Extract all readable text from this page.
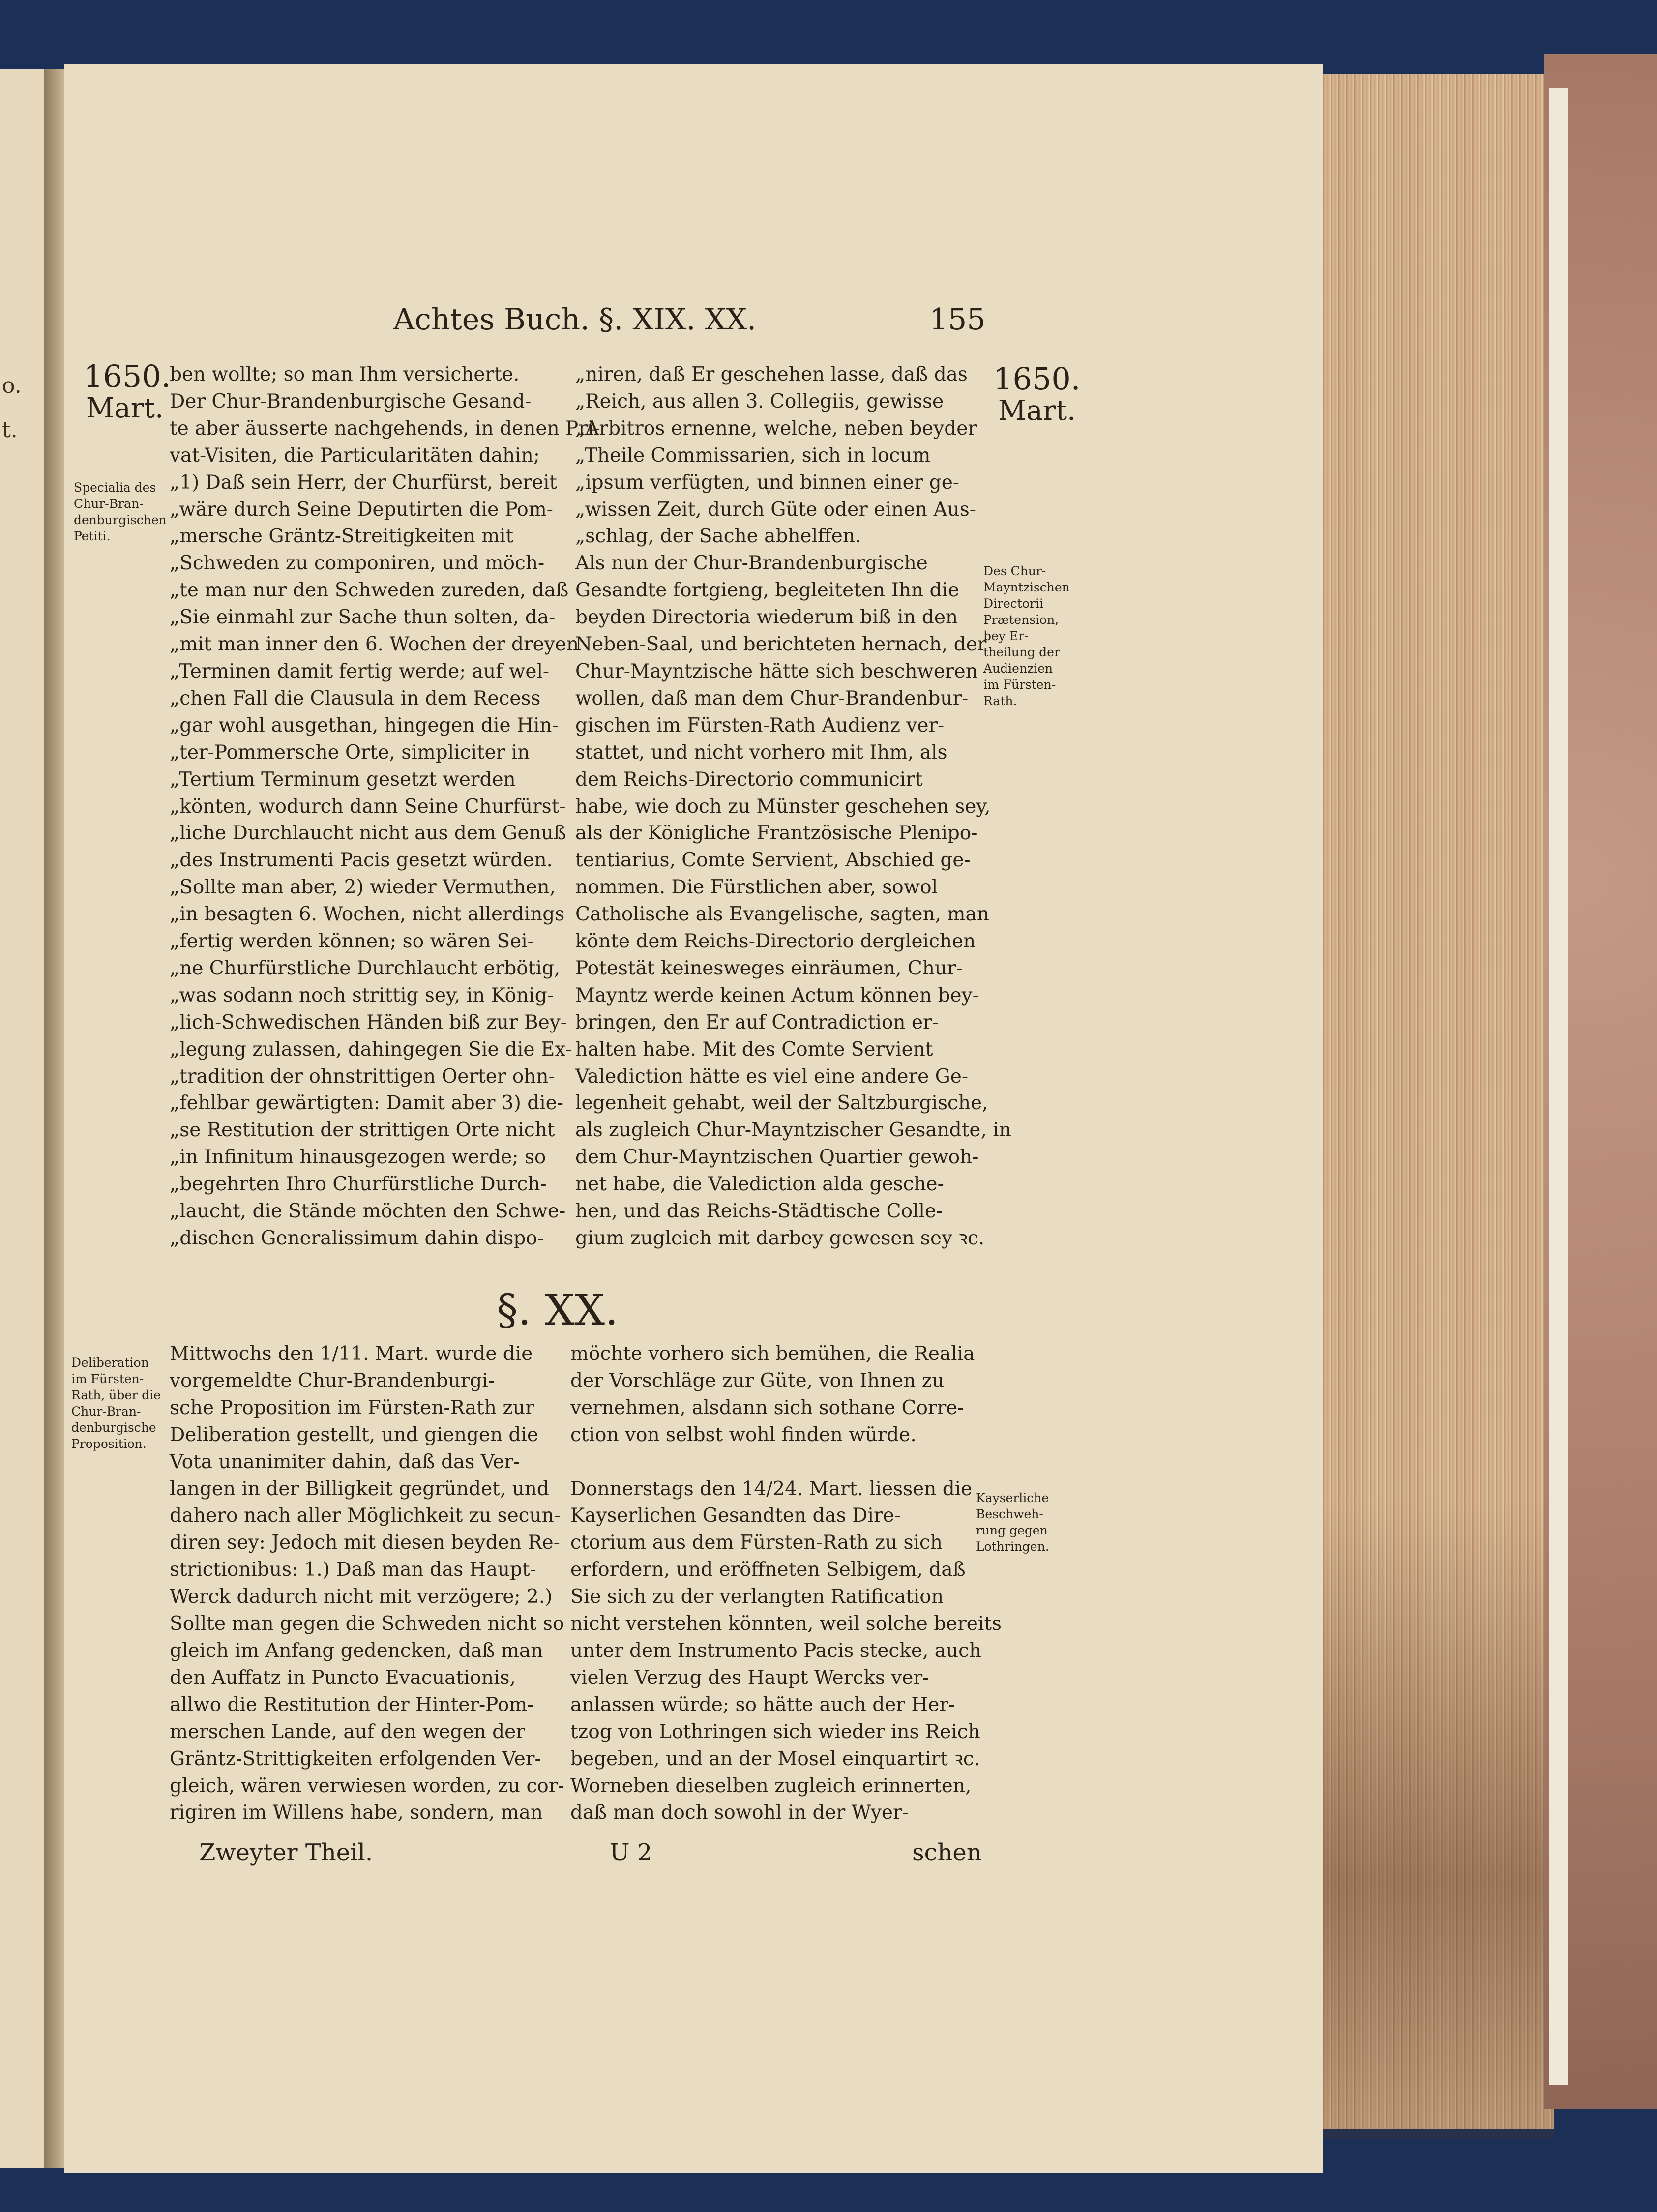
o.
t.
Achtes Buch. §. XIX. XX.	155
1650.
Mart.
1650.
Mart.
Specialia des
Chur-Bran-
denburgischen
Petiti.
Des Chur-
Mayntzischen
Directorii
Prætension,
bey Er-
theilung der
Audienzien
im Fürsten-
Rath.
Deliberation
im Fürsten-
Rath, über die
Chur-Bran-
denburgische
Proposition.
Kayserliche
Beschweh-
rung gegen
Lothringen.
ben wollte; so man Ihm versicherte.
Der Chur-Brandenburgische Gesand-
te aber äusserte nachgehends, in denen Pri-
vat-Visiten, die Particularitäten dahin;
„1) Daß sein Herr, der Churfürst, bereit
„wäre durch Seine Deputirten die Pom-
„mersche Gräntz-Streitigkeiten mit
„Schweden zu componiren, und möch-
„te man nur den Schweden zureden, daß
„Sie einmahl zur Sache thun solten, da-
„mit man inner den 6. Wochen der dreyen
„Terminen damit fertig werde; auf wel-
„chen Fall die Clausula in dem Recess
„gar wohl ausgethan, hingegen die Hin-
„ter-Pommersche Orte, simpliciter in
„Tertium Terminum gesetzt werden
„könten, wodurch dann Seine Churfürst-
„liche Durchlaucht nicht aus dem Genuß
„des Instrumenti Pacis gesetzt würden.
„Sollte man aber, 2) wieder Vermuthen,
„in besagten 6. Wochen, nicht allerdings
„fertig werden können; so wären Sei-
„ne Churfürstliche Durchlaucht erbötig,
„was sodann noch strittig sey, in König-
„lich-Schwedischen Händen biß zur Bey-
„legung zulassen, dahingegen Sie die Ex-
„tradition der ohnstrittigen Oerter ohn-
„fehlbar gewärtigten: Damit aber 3) die-
„se Restitution der strittigen Orte nicht
„in Infinitum hinausgezogen werde; so
„begehrten Ihro Churfürstliche Durch-
„laucht, die Stände möchten den Schwe-
„dischen Generalissimum dahin dispo-
„niren, daß Er geschehen lasse, daß das
„Reich, aus allen 3. Collegiis, gewisse
„Arbitros ernenne, welche, neben beyder
„Theile Commissarien, sich in locum
„ipsum verfügten, und binnen einer ge-
„wissen Zeit, durch Güte oder einen Aus-
„schlag, der Sache abhelffen.
Als nun der Chur-Brandenburgische
Gesandte fortgieng, begleiteten Ihn die
beyden Directoria wiederum biß in den
Neben-Saal, und berichteten hernach, der
Chur-Mayntzische hätte sich beschweren
wollen, daß man dem Chur-Brandenbur-
gischen im Fürsten-Rath Audienz ver-
stattet, und nicht vorhero mit Ihm, als
dem Reichs-Directorio communicirt
habe, wie doch zu Münster geschehen sey,
als der Königliche Frantzösische Plenipo-
tentiarius, Comte Servient, Abschied ge-
nommen. Die Fürstlichen aber, sowol
Catholische als Evangelische, sagten, man
könte dem Reichs-Directorio dergleichen
Potestät keinesweges einräumen, Chur-
Mayntz werde keinen Actum können bey-
bringen, den Er auf Contradiction er-
halten habe. Mit des Comte Servient
Valediction hätte es viel eine andere Ge-
legenheit gehabt, weil der Saltzburgische,
als zugleich Chur-Mayntzischer Gesandte, in
dem Chur-Mayntzischen Quartier gewoh-
net habe, die Valediction alda gesche-
hen, und das Reichs-Städtische Colle-
gium zugleich mit darbey gewesen sey ꝛc.
§. XX.
Mittwochs den 1/11. Mart. wurde die
vorgemeldte Chur-Brandenburgi-
sche Proposition im Fürsten-Rath zur
Deliberation gestellt, und giengen die
Vota unanimiter dahin, daß das Ver-
langen in der Billigkeit gegründet, und
dahero nach aller Möglichkeit zu secun-
diren sey: Jedoch mit diesen beyden Re-
strictionibus: 1.) Daß man das Haupt-
Werck dadurch nicht mit verzögere; 2.)
Sollte man gegen die Schweden nicht so
gleich im Anfang gedencken, daß man
den Auffatz in Puncto Evacuationis,
allwo die Restitution der Hinter-Pom-
merschen Lande, auf den wegen der
Gräntz-Strittigkeiten erfolgenden Ver-
gleich, wären verwiesen worden, zu cor-
rigiren im Willens habe, sondern, man
möchte vorhero sich bemühen, die Realia
der Vorschläge zur Güte, von Ihnen zu
vernehmen, alsdann sich sothane Corre-
ction von selbst wohl finden würde.

Donnerstags den 14/24. Mart. liessen die
Kayserlichen Gesandten das Dire-
ctorium aus dem Fürsten-Rath zu sich
erfordern, und eröffneten Selbigem, daß
Sie sich zu der verlangten Ratification
nicht verstehen könnten, weil solche bereits
unter dem Instrumento Pacis stecke, auch
vielen Verzug des Haupt Wercks ver-
anlassen würde; so hätte auch der Her-
tzog von Lothringen sich wieder ins Reich
begeben, und an der Mosel einquartirt ꝛc.
Worneben dieselben zugleich erinnerten,
daß man doch sowohl in der Wyer-
Zweyter Theil.	U 2	schen
